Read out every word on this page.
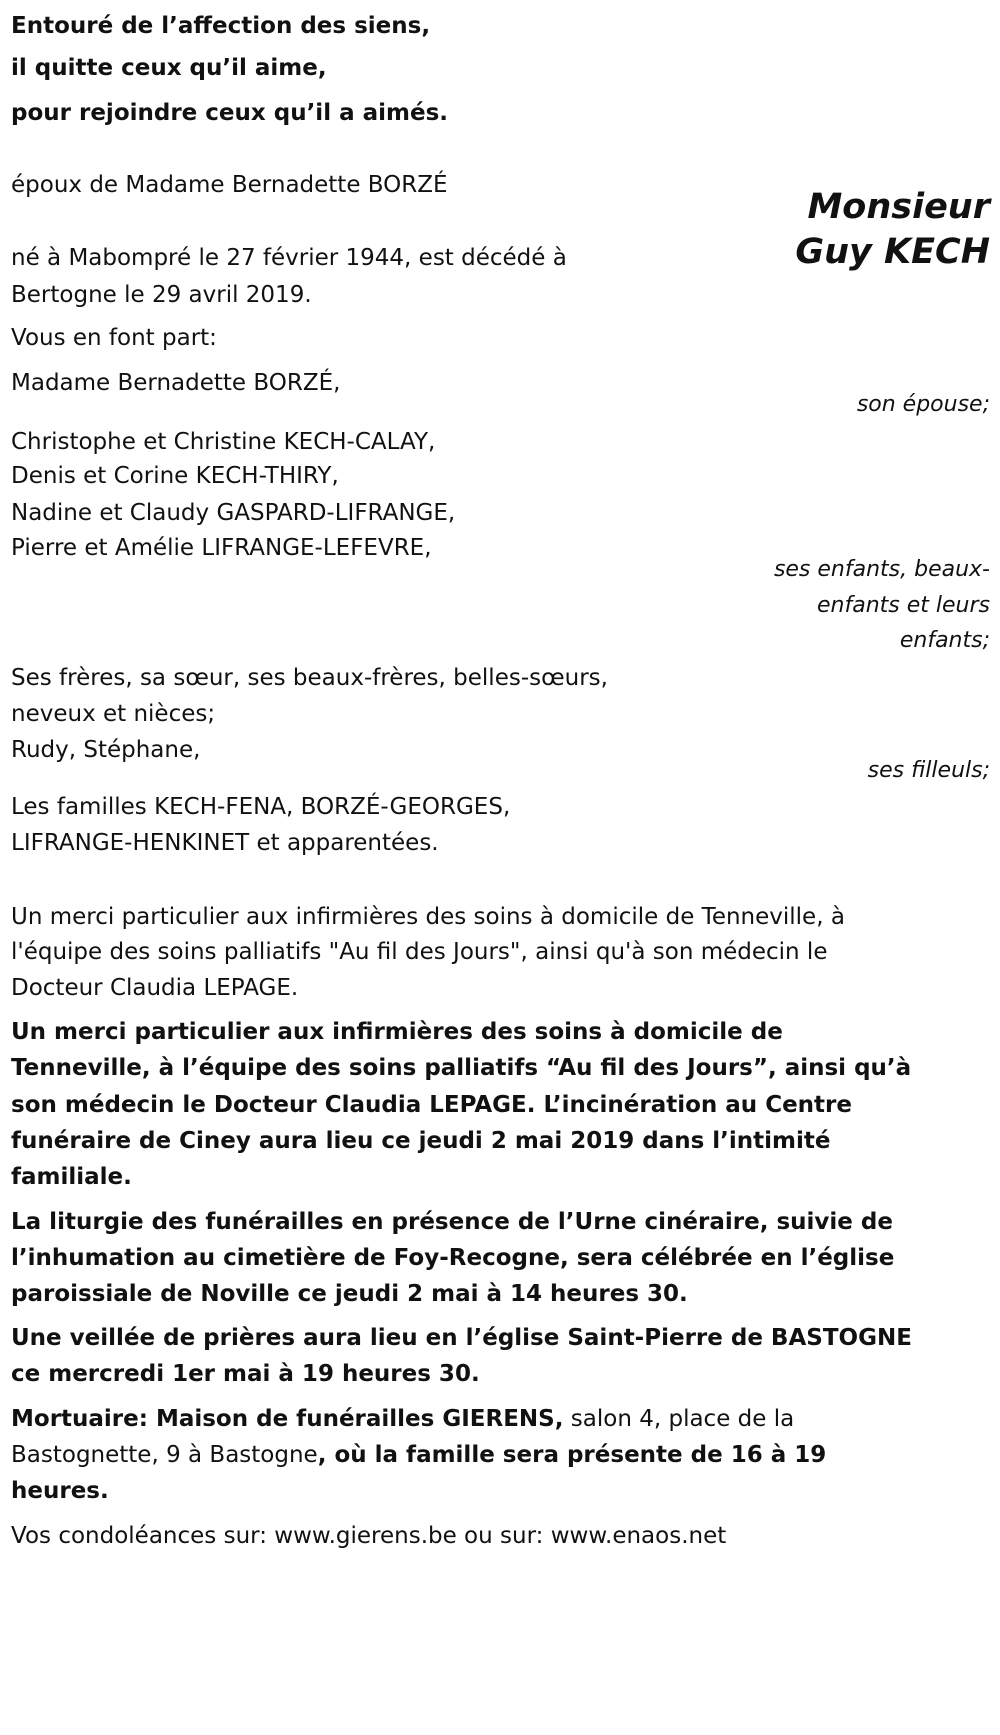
Entouré de l’affection des siens,

il quitte ceux qu’il aime,

pour rejoindre ceux qu’il a aimés.

époux de Madame Bernadette BORZÉ

Monsieur
Guy KECH

né à Mabompré le 27 février 1944, est décédé à

Bertogne le 29 avril 2019.

Vous en font part:

Madame Bernadette BORZÉ,

son épouse;

Christophe et Christine KECH-CALAY,

Denis et Corine KECH-THIRY,

Nadine et Claudy GASPARD-LIFRANGE,

Pierre et Amélie LIFRANGE-LEFEVRE,

ses enfants, beaux-

enfants et leurs

enfants;

Ses frères, sa sœur, ses beaux-frères, belles-sœurs,

neveux et nièces;

Rudy, Stéphane,

ses filleuls;

Les familles KECH-FENA, BORZÉ-GEORGES,

LIFRANGE-HENKINET et apparentées.

Un merci particulier aux infirmières des soins à domicile de Tenneville, à

l'équipe des soins palliatifs "Au fil des Jours", ainsi qu'à son médecin le

Docteur Claudia LEPAGE.

Un merci particulier aux infirmières des soins à domicile de

Tenneville, à l’équipe des soins palliatifs “Au fil des Jours”, ainsi qu’à

son médecin le Docteur Claudia LEPAGE. L’incinération au Centre

funéraire de Ciney aura lieu ce jeudi 2 mai 2019 dans l’intimité

familiale.

La liturgie des funérailles en présence de l’Urne cinéraire, suivie de

l’inhumation au cimetière de Foy-Recogne, sera célébrée en l’église

paroissiale de Noville ce jeudi 2 mai à 14 heures 30.

Une veillée de prières aura lieu en l’église Saint-Pierre de BASTOGNE

ce mercredi 1er mai à 19 heures 30.

Mortuaire: Maison de funérailles GIERENS, salon 4, place de la

Bastognette, 9 à Bastogne, où la famille sera présente de 16 à 19

heures.

Vos condoléances sur: www.gierens.be ou sur: www.enaos.net
